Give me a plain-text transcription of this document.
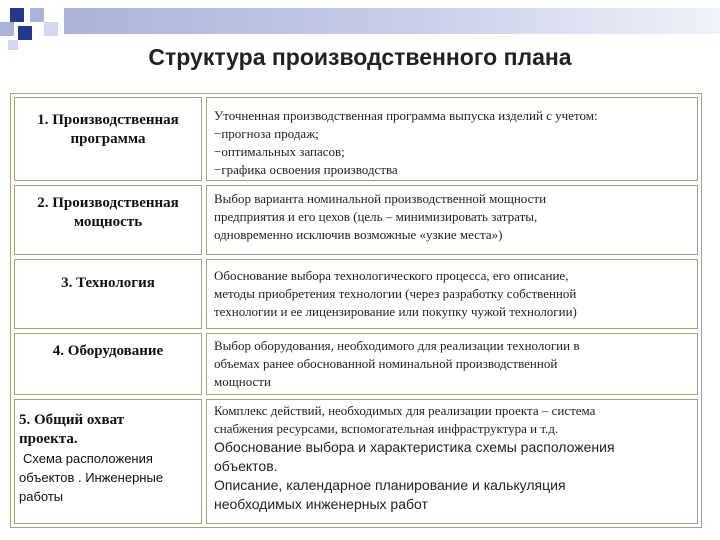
Структура производственного плана
1. Производственная
программа
Уточненная производственная программа выпуска изделий с учетом:
−прогноза продаж;
−оптимальных запасов;
−графика освоения производства
2. Производственная
мощность
Выбор варианта номинальной производственной мощности
предприятия и его цехов (цель – минимизировать затраты,
одновременно исключив возможные «узкие места»)
3. Технология	Обоснование выбора технологического процесса, его описание,
методы приобретения технологии (через разработку собственной
технологии и ее лицензирование или покупку чужой технологии)
4. Оборудование	Выбор оборудования, необходимого для реализации технологии в
объемах ранее обоснованной номинальной производственной
мощности
5. Общий охват
проекта.
Схема расположения
объектов . Инженерные
работы
Комплекс действий, необходимых для реализации проекта – система
снабжения ресурсами, вспомогательная инфраструктура и т.д.
Обоснование выбора и характеристика схемы расположения
объектов.
Описание, календарное планирование и калькуляция
необходимых инженерных работ
